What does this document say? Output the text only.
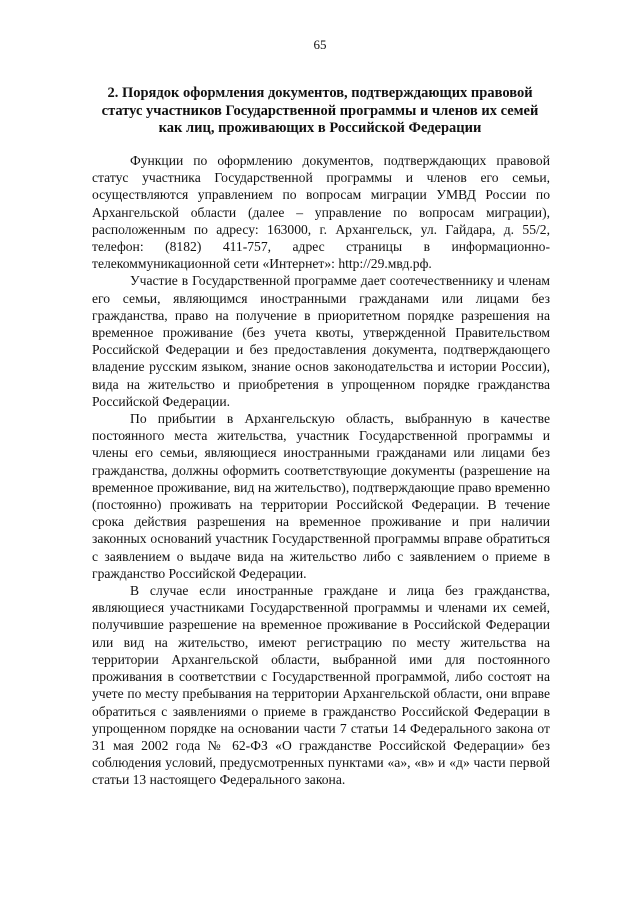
65
2. Порядок оформления документов, подтверждающих правовой статус участников Государственной программы и членов их семей как лиц, проживающих в Российской Федерации

Функции по оформлению документов, подтверждающих правовой статус участника Государственной программы и членов его семьи, осуществляются управлением по вопросам миграции УМВД России по Архангельской области (далее – управление по вопросам миграции), расположенным по адресу: 163000, г. Архангельск, ул. Гайдара, д. 55/2, телефон: (8182) 411-757, адрес страницы в информационно-телекоммуникационной сети «Интернет»: http://29.мвд.рф.

Участие в Государственной программе дает соотечественнику и членам его семьи, являющимся иностранными гражданами или лицами без гражданства, право на получение в приоритетном порядке разрешения на временное проживание (без учета квоты, утвержденной Правительством Российской Федерации и без предоставления документа, подтверждающего владение русским языком, знание основ законодательства и истории России), вида на жительство и приобретения в упрощенном порядке гражданства Российской Федерации.

По прибытии в Архангельскую область, выбранную в качестве постоянного места жительства, участник Государственной программы и члены его семьи, являющиеся иностранными гражданами или лицами без гражданства, должны оформить соответствующие документы (разрешение на временное проживание, вид на жительство), подтверждающие право временно (постоянно) проживать на территории Российской Федерации. В течение срока действия разрешения на временное проживание и при наличии законных оснований участник Государственной программы вправе обратиться с заявлением о выдаче вида на жительство либо с заявлением о приеме в гражданство Российской Федерации.

В случае если иностранные граждане и лица без гражданства, являющиеся участниками Государственной программы и членами их семей, получившие разрешение на временное проживание в Российской Федерации или вид на жительство, имеют регистрацию по месту жительства на территории Архангельской области, выбранной ими для постоянного проживания в соответствии с Государственной программой, либо состоят на учете по месту пребывания на территории Архангельской области, они вправе обратиться с заявлениями о приеме в гражданство Российской Федерации в упрощенном порядке на основании части 7 статьи 14 Федерального закона от 31 мая 2002 года № 62-ФЗ «О гражданстве Российской Федерации» без соблюдения условий, предусмотренных пунктами «а», «в» и «д» части первой статьи 13 настоящего Федерального закона.
